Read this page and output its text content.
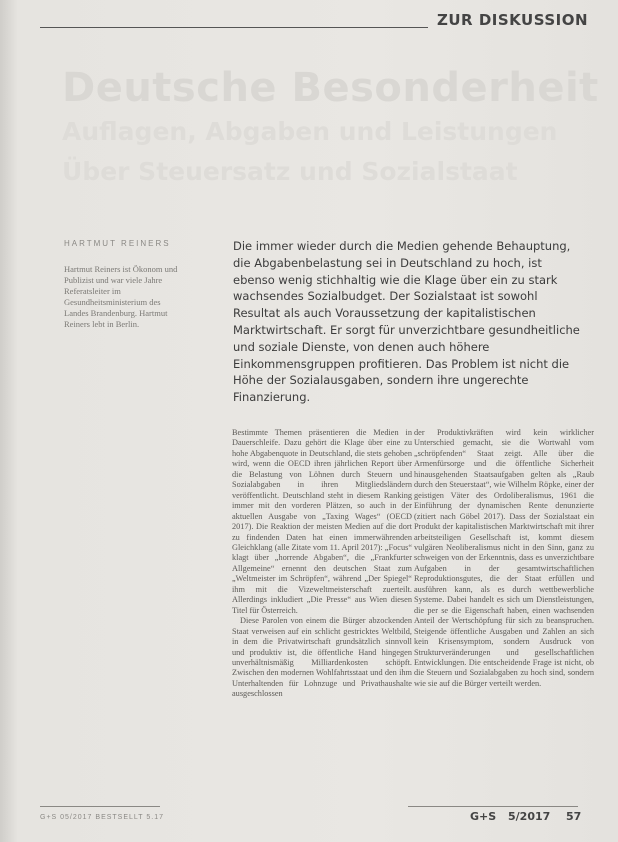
ZUR DISKUSSION
Deutsche Besonderheit
Auflagen, Abgaben und Leistungen
Über Steuersatz und Sozialstaat
HARTMUT REINERS
Hartmut Reiners ist Ökonom und Publizist und war viele Jahre Referatsleiter im Gesundheitsministerium des Landes Brandenburg. Hartmut Reiners lebt in Berlin.
Die immer wieder durch die Medien gehende Behauptung, die Abgabenbelastung sei in Deutschland zu hoch, ist ebenso wenig stichhaltig wie die Klage über ein zu stark wachsendes Sozialbudget. Der Sozialstaat ist sowohl Resultat als auch Voraussetzung der kapitalistischen Marktwirtschaft. Er sorgt für unverzichtbare gesundheitliche und soziale Dienste, von denen auch höhere Einkommensgruppen profitieren. Das Problem ist nicht die Höhe der Sozialausgaben, sondern ihre ungerechte Finanzierung.

Bestimmte Themen präsentieren die Medien in Dauerschleife. Dazu gehört die Klage über eine zu hohe Abgabenquote in Deutschland, die stets gehoben wird, wenn die OECD ihren jährlichen Report über die Belastung von Löhnen durch Steuern und Sozialabgaben in ihren Mitgliedsländern veröffentlicht. Deutschland steht in diesem Ranking immer mit den vorderen Plätzen, so auch in der aktuellen Ausgabe von „Taxing Wages“ (OECD 2017). Die Reaktion der meisten Medien auf die dort zu findenden Daten hat einen immerwährenden Gleichklang (alle Zitate vom 11. April 2017): „Focus“ klagt über „horrende Abgaben“, die „Frankfurter Allgemeine“ ernennt den deutschen Staat zum „Weltmeister im Schröpfen“, während „Der Spiegel“ ihm mit die Vizeweltmeisterschaft zuerteilt. Allerdings inkludiert „Die Presse“ aus Wien diesen Titel für Österreich.

Diese Parolen von einem die Bürger abzockenden Staat verweisen auf ein schlicht gestricktes Weltbild, in dem die Privatwirtschaft grundsätzlich sinnvoll und produktiv ist, die öffentliche Hand hingegen unverhältnismäßig Milliardenkosten schöpft. Zwischen den modernen Wohlfahrtsstaat und den ihm Unterhaltenden für Lohnzuge und Privathaushalte ausgeschlossen

der Produktivkräften wird kein wirklicher Unterschied gemacht, sie die Wortwahl vom „schröpfenden“ Staat zeigt. Alle über die Armenfürsorge und die öffentliche Sicherheit hinausgehenden Staatsaufgaben gelten als „Raub durch den Steuerstaat“, wie Wilhelm Röpke, einer der geistigen Väter des Ordoliberalismus, 1961 die Einführung der dynamischen Rente denunzierte (zitiert nach Göbel 2017). Dass der Sozialstaat ein Produkt der kapitalistischen Marktwirtschaft mit ihrer arbeitsteiligen Gesellschaft ist, kommt diesem vulgären Neoliberalismus nicht in den Sinn, ganz zu schweigen von der Erkenntnis, dass es unverzichtbare Aufgaben in der gesamtwirtschaftlichen Reproduktionsgutes, die der Staat erfüllen und ausführen kann, als es durch wettbewerbliche Systeme. Dabei handelt es sich um Dienstleistungen, die per se die Eigenschaft haben, einen wachsenden Anteil der Wertschöpfung für sich zu beanspruchen. Steigende öffentliche Ausgaben und Zahlen an sich kein Krisensymptom, sondern Ausdruck von Strukturveränderungen und gesellschaftlichen Entwicklungen. Die entscheidende Frage ist nicht, ob die Steuern und Sozialabgaben zu hoch sind, sondern wie sie auf die Bürger verteilt werden.

G+S 05/2017 BESTSELLT 5.17	G+S 5/2017 57
